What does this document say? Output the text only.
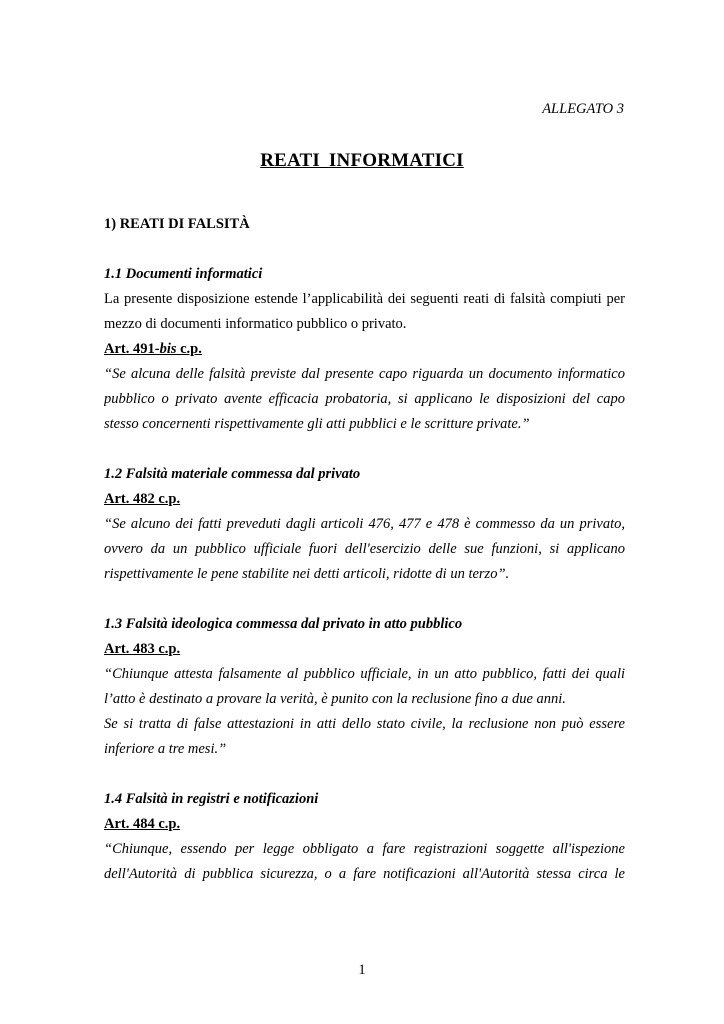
ALLEGATO 3
REATI INFORMATICI
1) REATI DI FALSITÀ
1.1 Documenti informatici
La presente disposizione estende l’applicabilità dei seguenti reati di falsità compiuti per
mezzo di documenti informatico pubblico o privato.
Art. 491-bis c.p.
“Se alcuna delle falsità previste dal presente capo riguarda un documento informatico
pubblico o privato avente efficacia probatoria, si applicano le disposizioni del capo
stesso concernenti rispettivamente gli atti pubblici e le scritture private.”
1.2 Falsità materiale commessa dal privato
Art. 482 c.p.
“Se alcuno dei fatti preveduti dagli articoli 476, 477 e 478 è commesso da un privato,
ovvero da un pubblico ufficiale fuori dell'esercizio delle sue funzioni, si applicano
rispettivamente le pene stabilite nei detti articoli, ridotte di un terzo”.
1.3 Falsità ideologica commessa dal privato in atto pubblico
Art. 483 c.p.
“Chiunque attesta falsamente al pubblico ufficiale, in un atto pubblico, fatti dei quali
l’atto è destinato a provare la verità, è punito con la reclusione fino a due anni.
Se si tratta di false attestazioni in atti dello stato civile, la reclusione non può essere
inferiore a tre mesi.”
1.4 Falsità in registri e notificazioni
Art. 484 c.p.
“Chiunque, essendo per legge obbligato a fare registrazioni soggette all'ispezione
dell'Autorità di pubblica sicurezza, o a fare notificazioni all'Autorità stessa circa le
1
